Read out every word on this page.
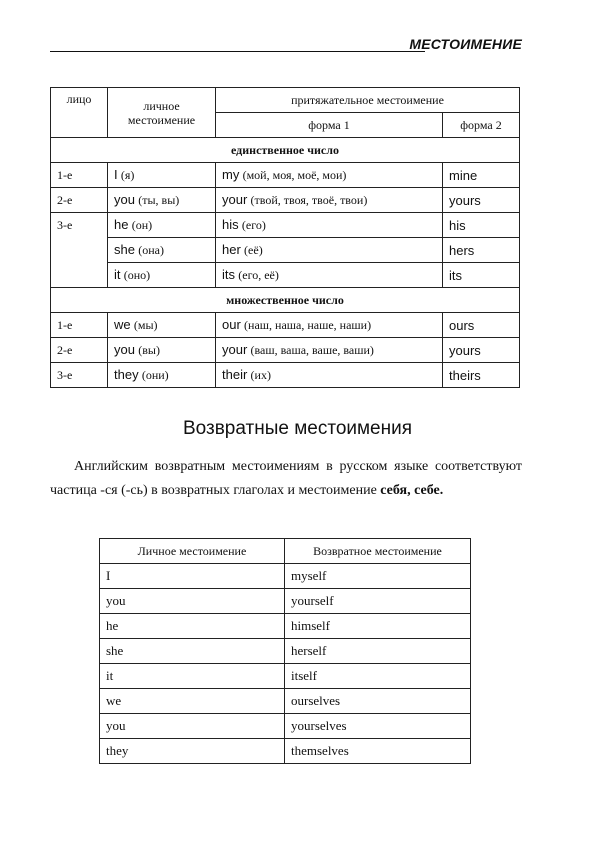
МЕСТОИМЕНИЕ
лицо	личное местоимение	притяжательное местоимение	
		форма 1	форма 2
единственное число			
1-е	I (я)	my (мой, моя, моё, мои)	mine
2-е	you (ты, вы)	your (твой, твоя, твоё, твои)	yours
3-е	he (он)	his (его)	his
	she (она)	her (её)	hers
	it (оно)	its (его, её)	its
множественное число			
1-е	we (мы)	our (наш, наша, наше, наши)	ours
2-е	you (вы)	your (ваш, ваша, ваше, ваши)	yours
3-е	they (они)	their (их)	theirs
Возвратные местоимения
Английским возвратным местоимениям в русском языке соответствуют частица -ся (-сь) в возвратных глаголах и местоимение себя, себе.
Личное местоимение	Возвратное местоимение
I	myself
you	yourself
he	himself
she	herself
it	itself
we	ourselves
you	yourselves
they	themselves
